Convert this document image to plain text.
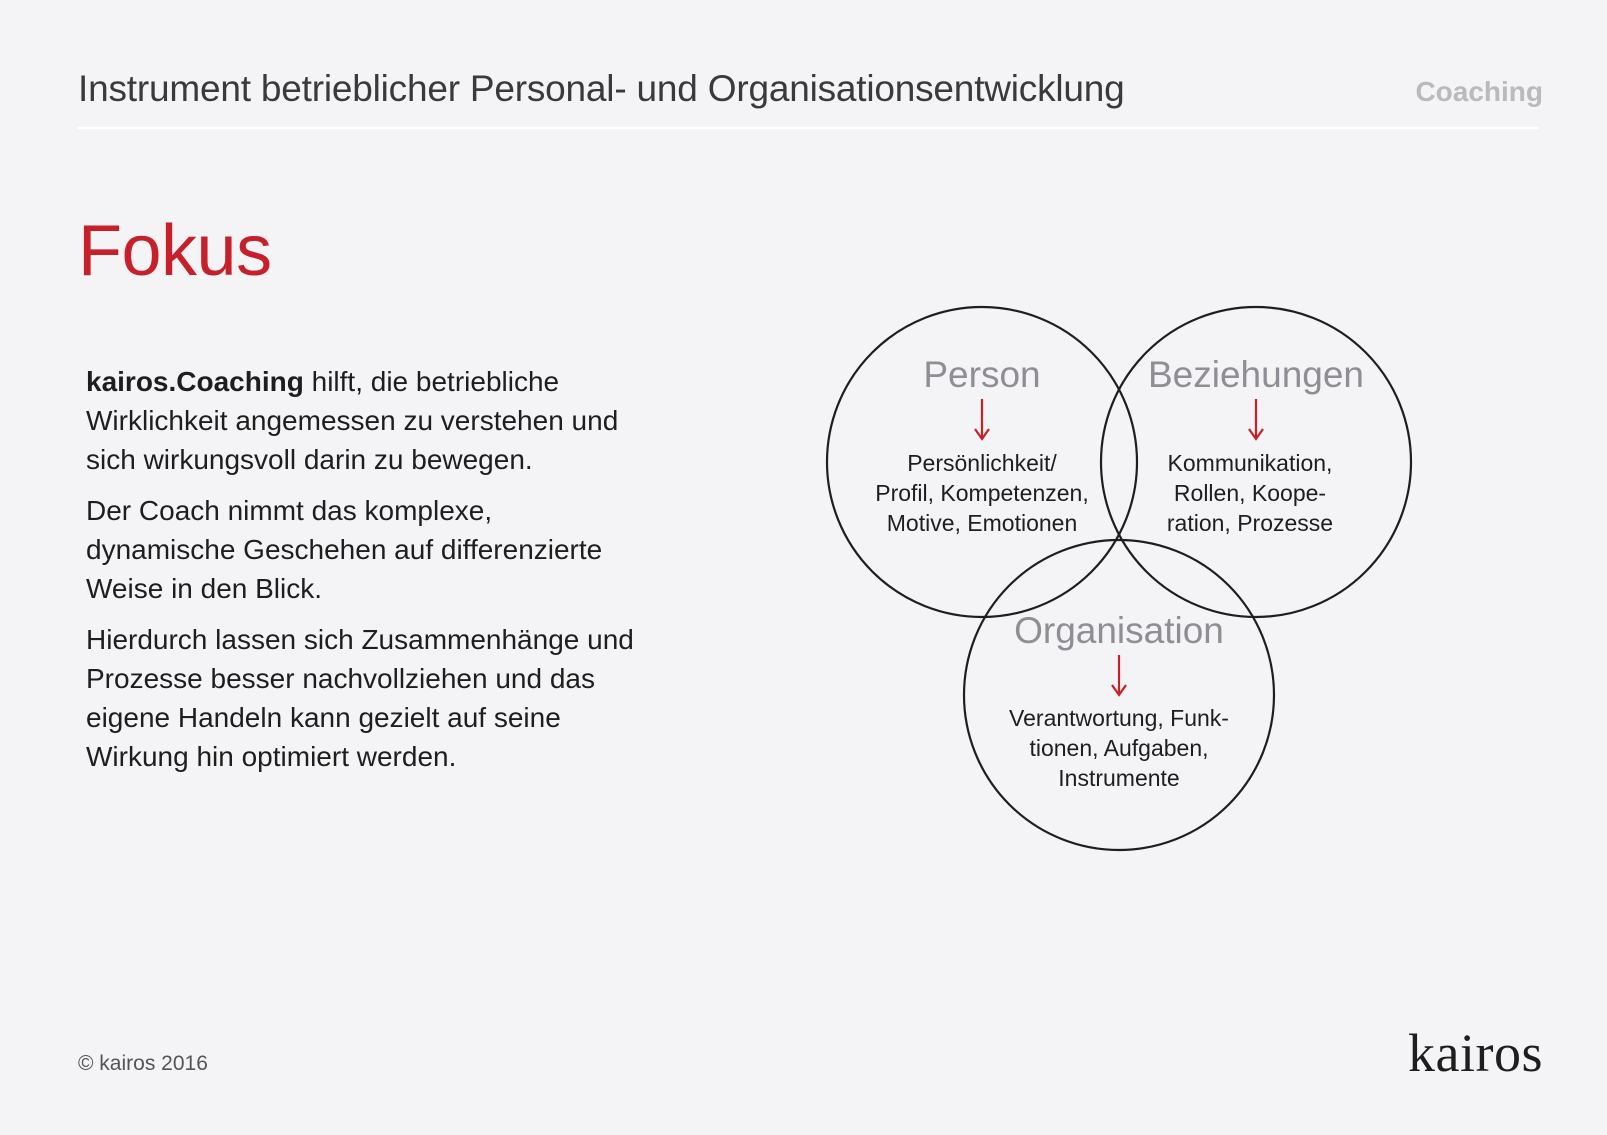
Instrument betrieblicher Personal- und Organisationsentwicklung	Coaching
Fokus

kairos.Coaching hilft, die betriebliche Wirklichkeit angemessen zu verstehen und sich wirkungsvoll darin zu bewegen.

Der Coach nimmt das komplexe, dynamische Geschehen auf differenzierte Weise in den Blick.

Hierdurch lassen sich Zusammenhänge und Prozesse besser nachvollziehen und das eigene Handeln kann gezielt auf seine Wirkung hin optimiert werden.

Person
Persönlichkeit/
Profil, Kompetenzen,
Motive, Emotionen
Beziehungen
Kommunikation,
Rollen, Koope-
ration, Prozesse
Organisation
Verantwortung, Funk-
tionen, Aufgaben,
Instrumente
© kairos 2016	kairos
